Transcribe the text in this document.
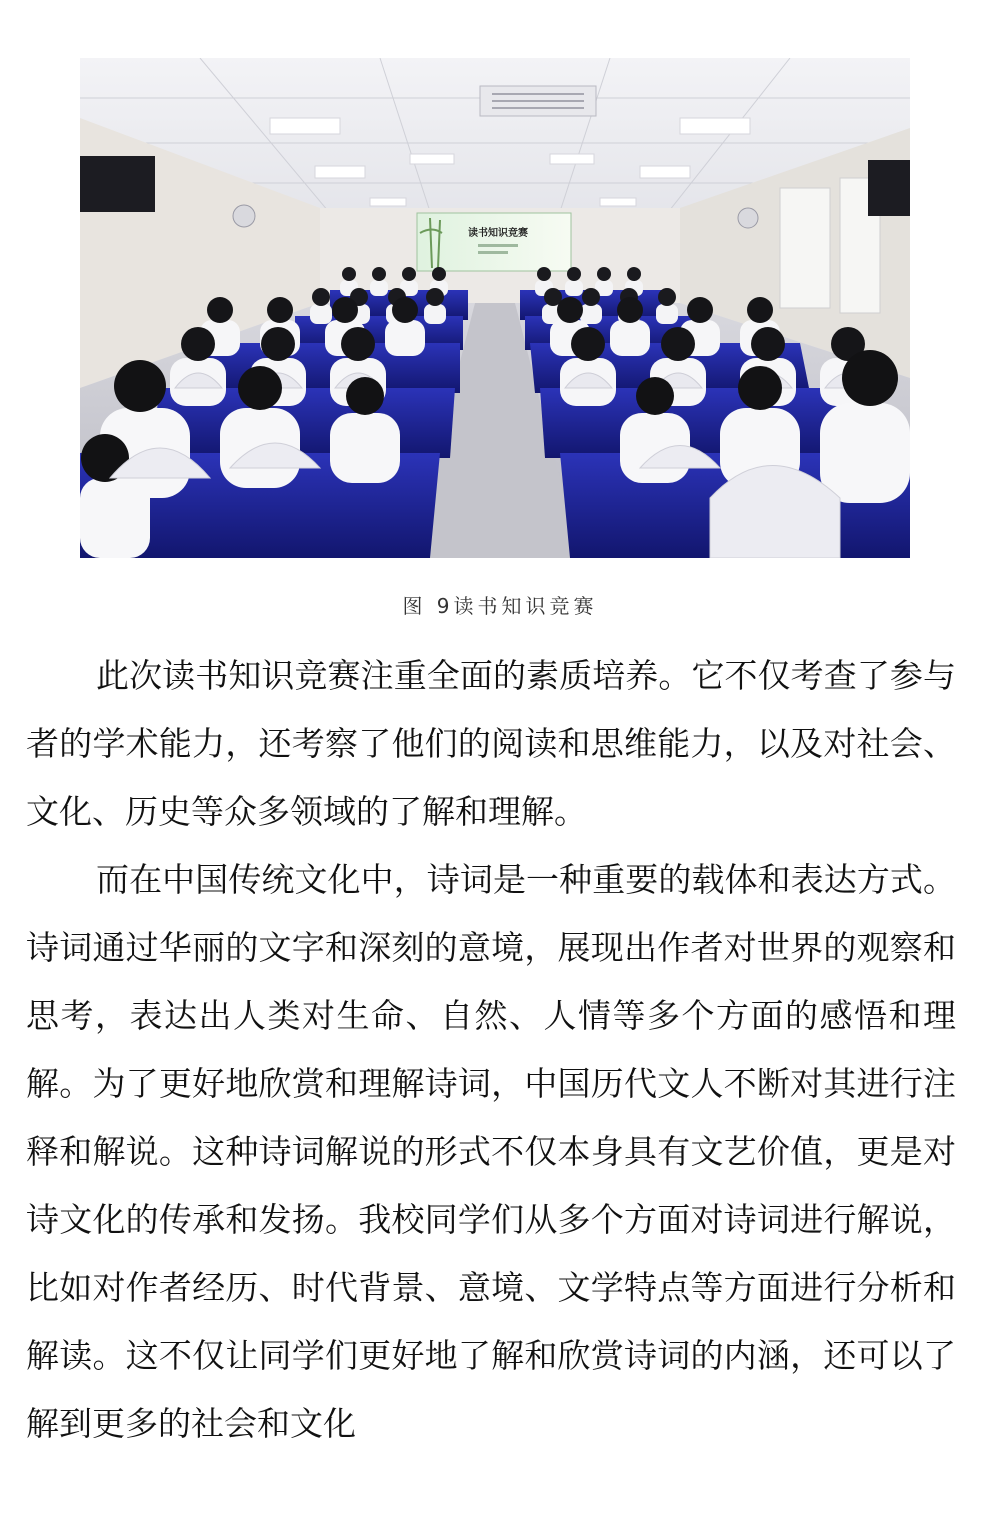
读书知识竞赛
图 9读书知识竞赛

此次读书知识竞赛注重全面的素质培养。它不仅考查了参与者的学术能力，还考察了他们的阅读和思维能力，以及对社会、文化、历史等众多领域的了解和理解。

而在中国传统文化中，诗词是一种重要的载体和表达方式。诗词通过华丽的文字和深刻的意境，展现出作者对世界的观察和思考，表达出人类对生命、自然、人情等多个方面的感悟和理解。为了更好地欣赏和理解诗词，中国历代文人不断对其进行注释和解说。这种诗词解说的形式不仅本身具有文艺价值，更是对诗文化的传承和发扬。我校同学们从多个方面对诗词进行解说，比如对作者经历、时代背景、意境、文学特点等方面进行分析和解读。这不仅让同学们更好地了解和欣赏诗词的内涵，还可以了解到更多的社会和文化
